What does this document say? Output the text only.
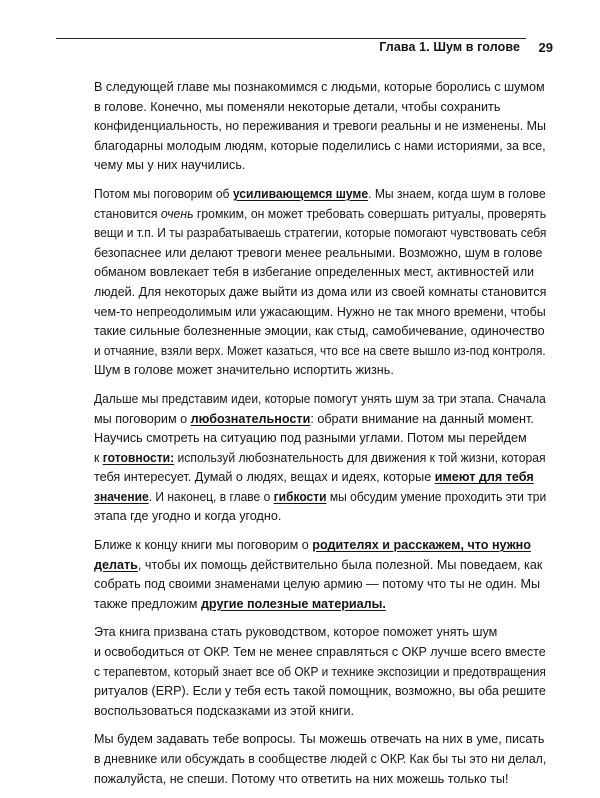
Глава 1. Шум в голове 29

В следующей главе мы познакомимся с людьми, которые боролись с шумом
в голове. Конечно, мы поменяли некоторые детали, чтобы сохранить
конфиденциальность, но переживания и тревоги реальны и не изменены. Мы
благодарны молодым людям, которые поделились с нами историями, за все,
чему мы у них научились.

Потом мы поговорим об усиливающемся шуме. Мы знаем, когда шум в голове
становится очень громким, он может требовать совершать ритуалы, проверять
вещи и т.п. И ты разрабатываешь стратегии, которые помогают чувствовать себя
безопаснее или делают тревоги менее реальными. Возможно, шум в голове
обманом вовлекает тебя в избегание определенных мест, активностей или
людей. Для некоторых даже выйти из дома или из своей комнаты становится
чем-то непреодолимым или ужасающим. Нужно не так много времени, чтобы
такие сильные болезненные эмоции, как стыд, самобичевание, одиночество
и отчаяние, взяли верх. Может казаться, что все на свете вышло из-под контроля.
Шум в голове может значительно испортить жизнь.

Дальше мы представим идеи, которые помогут унять шум за три этапа. Сначала
мы поговорим о любознательности: обрати внимание на данный момент.
Научись смотреть на ситуацию под разными углами. Потом мы перейдем
к готовности: используй любознательность для движения к той жизни, которая
тебя интересует. Думай о людях, вещах и идеях, которые имеют для тебя
значение. И наконец, в главе о гибкости мы обсудим умение проходить эти три
этапа где угодно и когда угодно.

Ближе к концу книги мы поговорим о родителях и расскажем, что нужно
делать, чтобы их помощь действительно была полезной. Мы поведаем, как
собрать под своими знаменами целую армию — потому что ты не один. Мы
также предложим другие полезные материалы.

Эта книга призвана стать руководством, которое поможет унять шум
и освободиться от ОКР. Тем не менее справляться с ОКР лучше всего вместе
с терапевтом, который знает все об ОКР и технике экспозиции и предотвращения
ритуалов (ERP). Если у тебя есть такой помощник, возможно, вы оба решите
воспользоваться подсказками из этой книги.

Мы будем задавать тебе вопросы. Ты можешь отвечать на них в уме, писать
в дневнике или обсуждать в сообществе людей с ОКР. Как бы ты это ни делал,
пожалуйста, не спеши. Потому что ответить на них можешь только ты!
